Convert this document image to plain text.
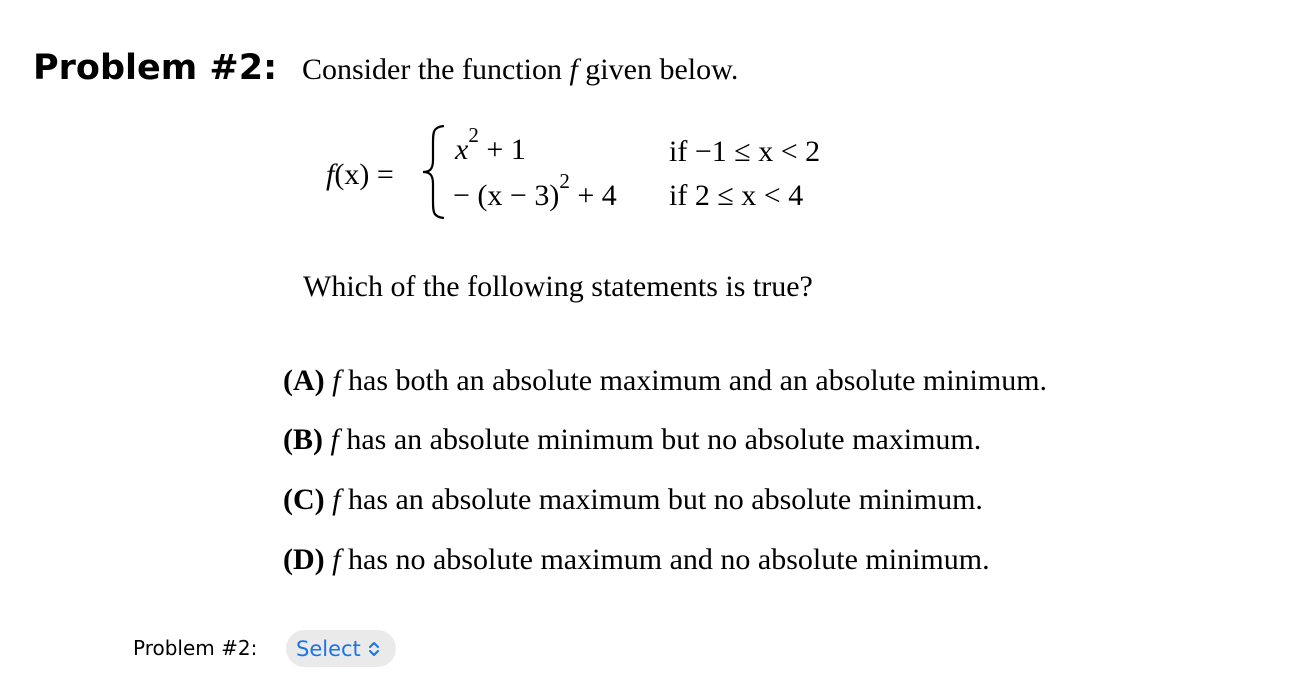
Problem #2: Consider the function f given below.
f(x) =
$x^2 + 1$	if −1 ≤ x < 2
− $(x - 3)^2 + 4$ if 2 ≤ x < 4
Which of the following statements is true?
(A) f has both an absolute maximum and an absolute minimum.
(B) f has an absolute minimum but no absolute maximum.
(C) f has an absolute maximum but no absolute minimum.
(D) f has no absolute maximum and no absolute minimum.
Problem #2: Select
